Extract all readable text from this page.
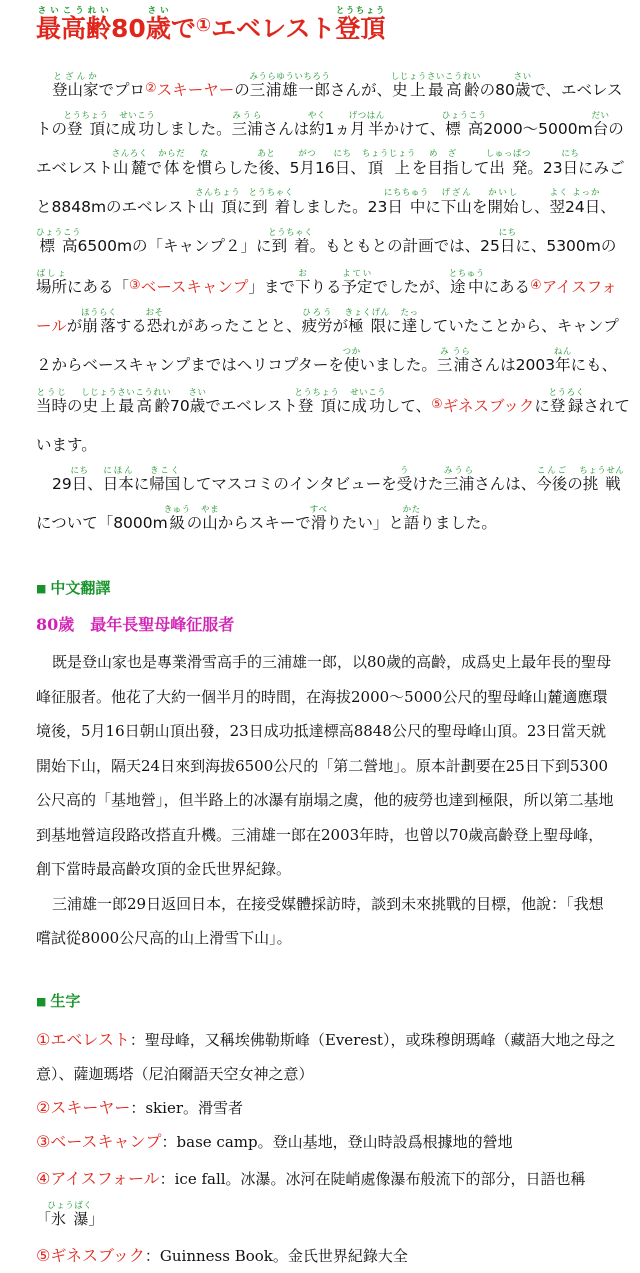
最高齢さいこうれい80歳さいで①エベレスト登頂とうちょう

登山家とざんかでプロ②スキーヤーの三浦雄一郎みうらゆういちろうさんが、史上最高齢しじょうさいこうれいの80歳さいで、エベレストの登頂とうちょうに成功せいこうしました。三浦みうらさんは約やく1ヵ月半げつはんかけて、標高ひょうこう2000〜5000m台だいのエベレスト山麓さんろくで体からだを慣ならした後あと、5月がつ16日にち、頂上ちょうじょうを目指め ざして出発しゅっぱつ。23日にちにみごと8848mのエベレスト山頂さんちょうに到着とうちゃくしました。23日中にちちゅうに下山げざんを開始かいしし、翌24日よく よっか、標高ひょうこう6500mの「キャンプ２」に到着とうちゃく。もともとの計画では、25日にちに、5300mの場所ばしょにある「③ベースキャンプ」まで下おりる予定よていでしたが、途中とちゅうにある④アイスフォールが崩落ほうらくする恐おそれがあったことと、疲労ひろうが極限きょくげんに達たっしていたことから、キャンプ２からベースキャンプまではヘリコプターを使つかいました。三み浦うらさんは2003年ねんにも、当時とうじの史上最高齢しじょうさいこうれい70歳さいでエベレスト登頂とうちょうに成功せいこうして、⑤ギネスブックに登録とうろくされています。

29日にち、日本にほんに帰国きこくしてマスコミのインタビューを受うけた三浦みうらさんは、今後こんごの挑戦ちょうせんについて「8000m級きゅうの山やまからスキーで滑すべりたい」と語かたりました。

■ 中文翻譯
80歲　最年長聖母峰征服者

既是登山家也是專業滑雪高手的三浦雄一郎，以80歲的高齡，成爲史上最年長的聖母峰征服者。他花了大約一個半月的時間，在海拔2000～5000公尺的聖母峰山麓適應環境後，5月16日朝山頂出發，23日成功抵達標高8848公尺的聖母峰山頂。23日當天就開始下山，隔天24日來到海拔6500公尺的「第二營地」。原本計劃要在25日下到5300公尺高的「基地營」，但半路上的冰瀑有崩塌之虞，他的疲勞也達到極限，所以第二基地到基地營這段路改搭直升機。三浦雄一郎在2003年時，也曾以70歲高齡登上聖母峰，創下當時最高齡攻頂的金氏世界紀錄。

三浦雄一郎29日返回日本，在接受媒體採訪時，談到未來挑戰的目標，他說：「我想嚐試從8000公尺高的山上滑雪下山」。

■ 生字
①エベレスト：聖母峰，又稱埃佛勒斯峰（Everest），或珠穆朗瑪峰（藏語大地之母之意）、薩迦瑪塔（尼泊爾語天空女神之意）
②スキーヤー：skier。滑雪者
③ベースキャンプ：base camp。登山基地，登山時設爲根據地的營地
④アイスフォール：ice fall。冰瀑。冰河在陡峭處像瀑布般流下的部分，日語也稱「氷瀑ひょうばく」
⑤ギネスブック：Guinness Book。金氏世界紀錄大全
